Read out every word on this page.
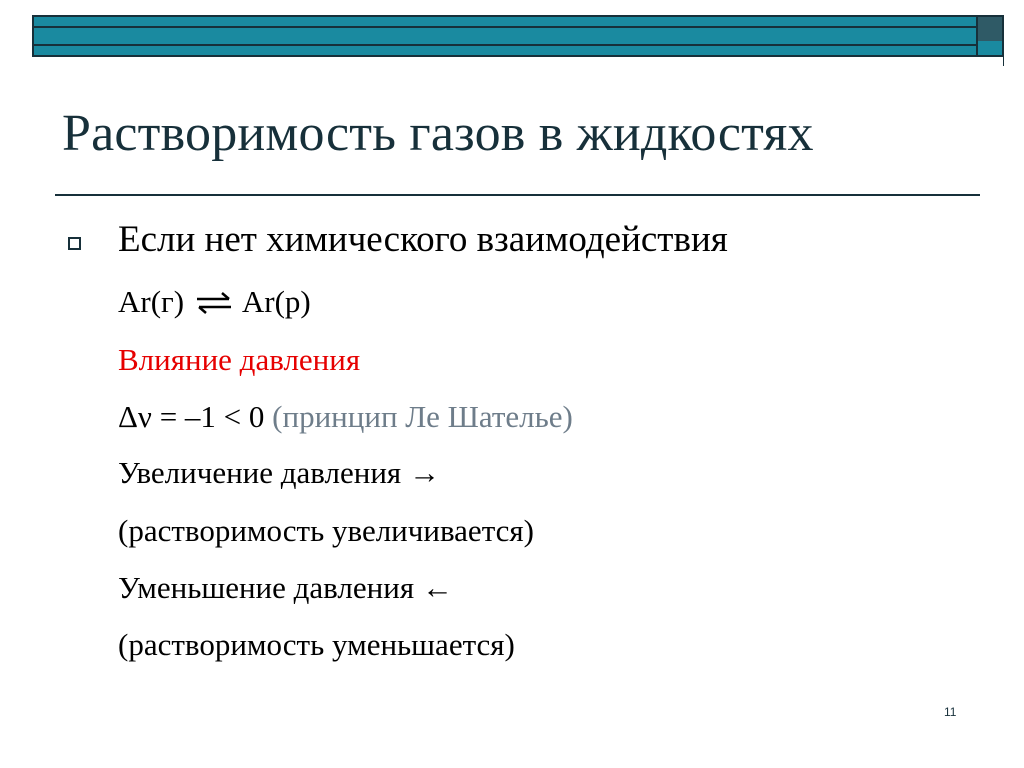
Растворимость газов в жидкостях
Если нет химического взаимодействия
Ar(г) ⇌ Ar(р)
Влияние давления
Δν = –1 < 0 (принцип Ле Шателье)
Увеличение давления →
(растворимость увеличивается)
Уменьшение давления ←
(растворимость уменьшается)
11
